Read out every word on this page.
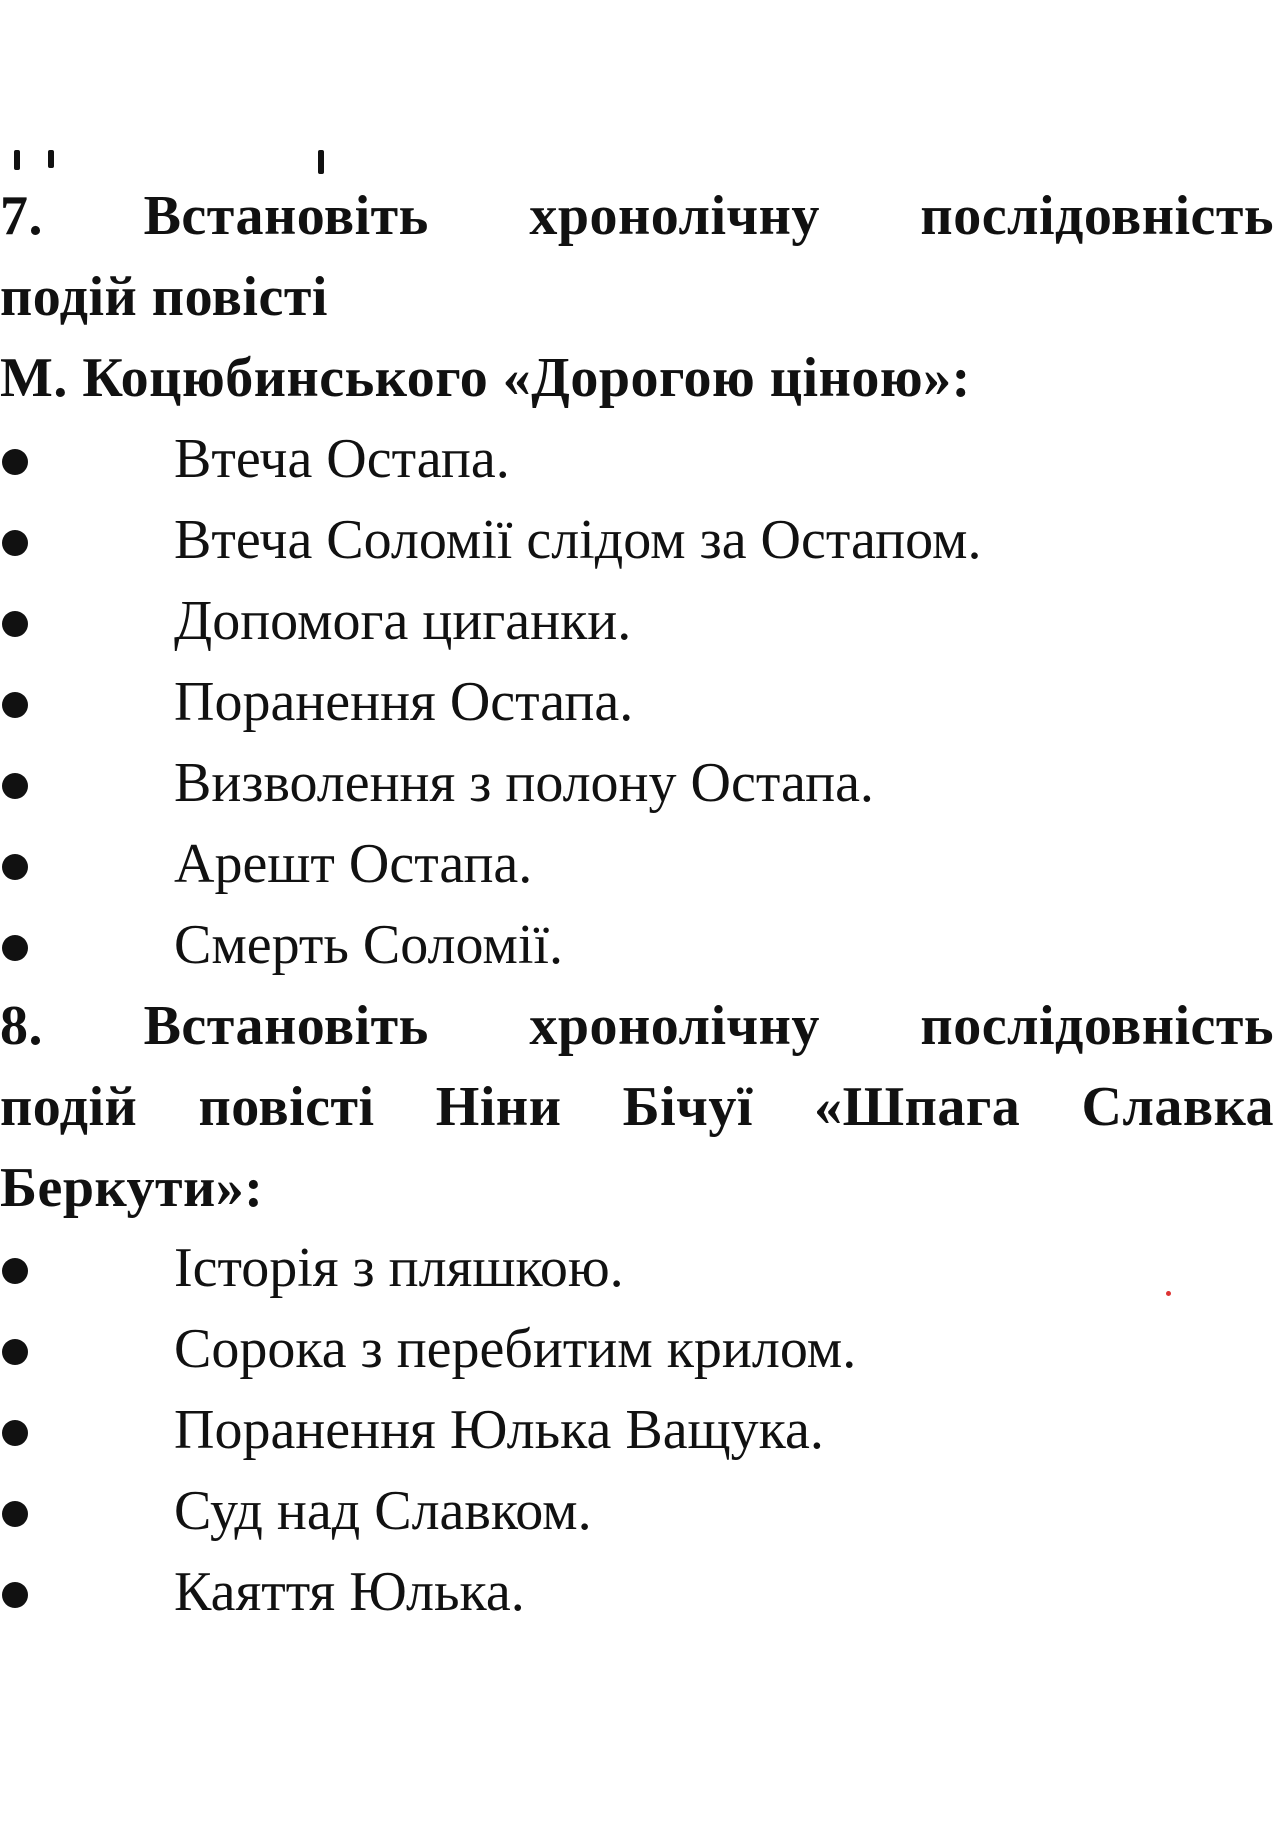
7. Встановіть хронолічну послідовність
подій повісті
М. Коцюбинського «Дорогою ціною»:
Втеча Остапа.
Втеча Соломії слідом за Остапом.
Допомога циганки.
Поранення Остапа.
Визволення з полону Остапа.
Арешт Остапа.
Смерть Соломії.
8. Встановіть хронолічну послідовність
подій повісті Ніни Бічуї «Шпага Славка
Беркути»:
Історія з пляшкою.
Сорока з перебитим крилом.
Поранення Юлька Ващука.
Суд над Славком.
Каяття Юлька.
